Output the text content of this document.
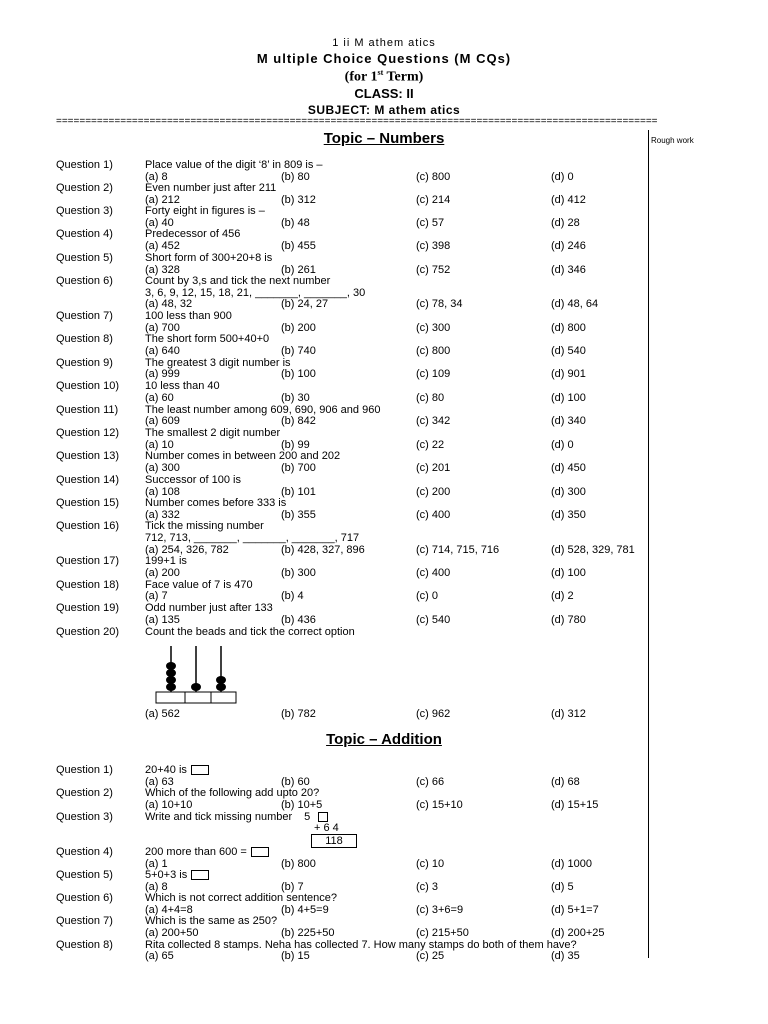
1 ii M athem atics
M ultiple Choice Questions (M CQs)
(for 1st Term)
CLASS: II
SUBJECT: M athem atics
=======================================================================================================
Rough work
Topic – Numbers
Question 1)	Place value of the digit ‘8’ in 809 is –
(a) 8	(b) 80	(c) 800	(d) 0
Question 2)	Even number just after 211
(a) 212	(b) 312	(c) 214	(d) 412
Question 3)	Forty eight in figures is –
(a) 40	(b) 48	(c) 57	(d) 28
Question 4)	Predecessor of 456
(a) 452	(b) 455	(c) 398	(d) 246
Question 5)	Short form of 300+20+8 is
(a) 328	(b) 261	(c) 752	(d) 346
Question 6)	Count by 3,s and tick the next number
3, 6, 9, 12, 15, 18, 21, _______, _______, 30
(a) 48, 32	(b) 24, 27	(c) 78, 34	(d) 48, 64
Question 7)	100 less than 900
(a) 700	(b) 200	(c) 300	(d) 800
Question 8)	The short form 500+40+0
(a) 640	(b) 740	(c) 800	(d) 540
Question 9)	The greatest 3 digit number is
(a) 999	(b) 100	(c) 109	(d) 901
Question 10) 10 less than 40
(a) 60	(b) 30	(c) 80	(d) 100
Question 11) The least number among 609, 690, 906 and 960
(a) 609	(b) 842	(c) 342	(d) 340
Question 12) The smallest 2 digit number
(a) 10	(b) 99	(c) 22	(d) 0
Question 13) Number comes in between 200 and 202
(a) 300	(b) 700	(c) 201	(d) 450
Question 14) Successor of 100 is
(a) 108	(b) 101	(c) 200	(d) 300
Question 15) Number comes before 333 is
(a) 332	(b) 355	(c) 400	(d) 350
Question 16) Tick the missing number
712, 713, _______, _______, _______, 717
(a) 254, 326, 782	(b) 428, 327, 896	(c) 714, 715, 716	(d) 528, 329, 781
Question 17) 199+1 is
(a) 200	(b) 300	(c) 400	(d) 100
Question 18) Face value of 7 is 470
(a) 7	(b) 4	(c) 0	(d) 2
Question 19) Odd number just after 133
(a) 135	(b) 436	(c) 540	(d) 780
Question 20) Count the beads and tick the correct option
(a) 562	(b) 782	(c) 962	(d) 312
Topic – Addition
Question 1)	20+40 is
(a) 63	(b) 60	(c) 66	(d) 68
Question 2)	Which of the following add upto 20?
(a) 10+10	(b) 10+5	(c) 15+10	(d) 15+15
Question 3)	Write and tick missing number 5
+ 6 4
118
Question 4)	200 more than 600 =
(a) 1	(b) 800	(c) 10	(d) 1000
Question 5)	5+0+3 is
(a) 8	(b) 7	(c) 3	(d) 5
Question 6)	Which is not correct addition sentence?
(a) 4+4=8	(b) 4+5=9	(c) 3+6=9	(d) 5+1=7
Question 7)	Which is the same as 250?
(a) 200+50	(b) 225+50	(c) 215+50	(d) 200+25
Question 8)	Rita collected 8 stamps. Neha has collected 7. How many stamps do both of them have?
(a) 65	(b) 15	(c) 25	(d) 35
